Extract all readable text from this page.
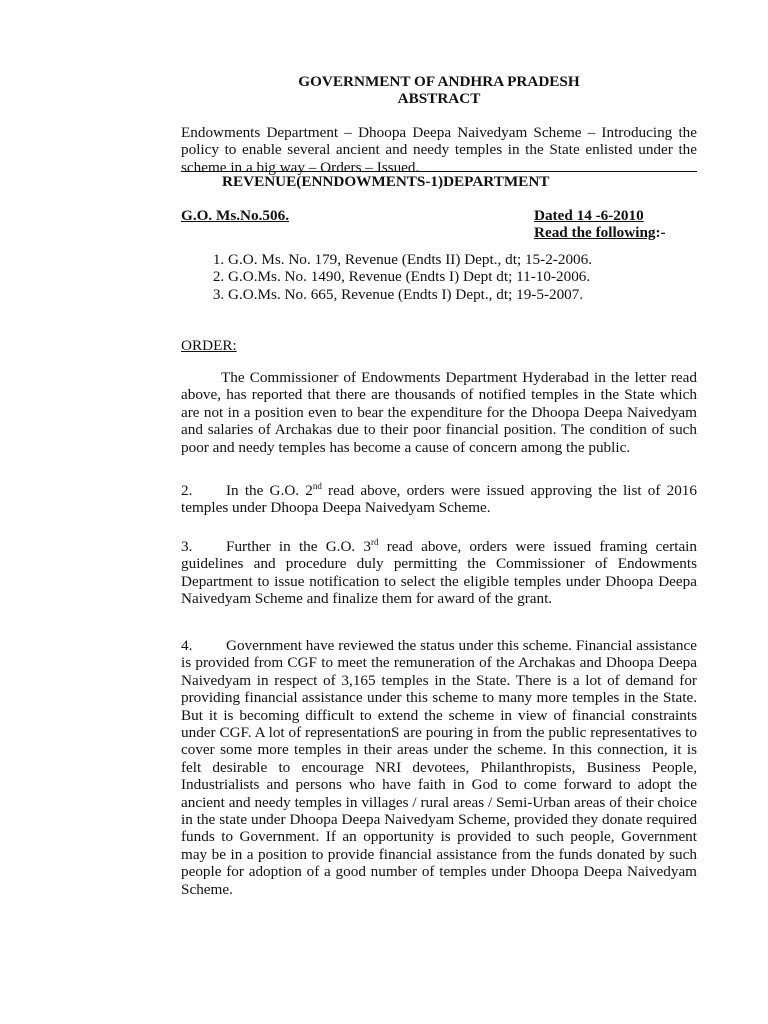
GOVERNMENT OF ANDHRA PRADESH
ABSTRACT

Endowments Department – Dhoopa Deepa Naivedyam Scheme – Introducing the policy to enable several ancient and needy temples in the State enlisted under the scheme in a big way – Orders – Issued.

REVENUE(ENNDOWMENTS-1)DEPARTMENT
G.O. Ms.No.506.	Dated 14 -6-2010
Read the following:-
1. G.O. Ms. No. 179, Revenue (Endts II) Dept., dt; 15-2-2006.
2. G.O.Ms. No. 1490, Revenue (Endts I) Dept dt; 11-10-2006.
3. G.O.Ms. No. 665, Revenue (Endts I) Dept., dt; 19-5-2007.
ORDER:

The Commissioner of Endowments Department Hyderabad in the letter read above, has reported that there are thousands of notified temples in the State which are not in a position even to bear the expenditure for the Dhoopa Deepa Naivedyam and salaries of Archakas due to their poor financial position. The condition of such poor and needy temples has become a cause of concern among the public.

2. In the G.O. 2nd read above, orders were issued approving the list of 2016 temples under Dhoopa Deepa Naivedyam Scheme.

3. Further in the G.O. 3rd read above, orders were issued framing certain guidelines and procedure duly permitting the Commissioner of Endowments Department to issue notification to select the eligible temples under Dhoopa Deepa Naivedyam Scheme and finalize them for award of the grant.

4. Government have reviewed the status under this scheme. Financial assistance is provided from CGF to meet the remuneration of the Archakas and Dhoopa Deepa Naivedyam in respect of 3,165 temples in the State. There is a lot of demand for providing financial assistance under this scheme to many more temples in the State. But it is becoming difficult to extend the scheme in view of financial constraints under CGF. A lot of representationS are pouring in from the public representatives to cover some more temples in their areas under the scheme. In this connection, it is felt desirable to encourage NRI devotees, Philanthropists, Business People, Industrialists and persons who have faith in God to come forward to adopt the ancient and needy temples in villages / rural areas / Semi-Urban areas of their choice in the state under Dhoopa Deepa Naivedyam Scheme, provided they donate required funds to Government. If an opportunity is provided to such people, Government may be in a position to provide financial assistance from the funds donated by such people for adoption of a good number of temples under Dhoopa Deepa Naivedyam Scheme.
